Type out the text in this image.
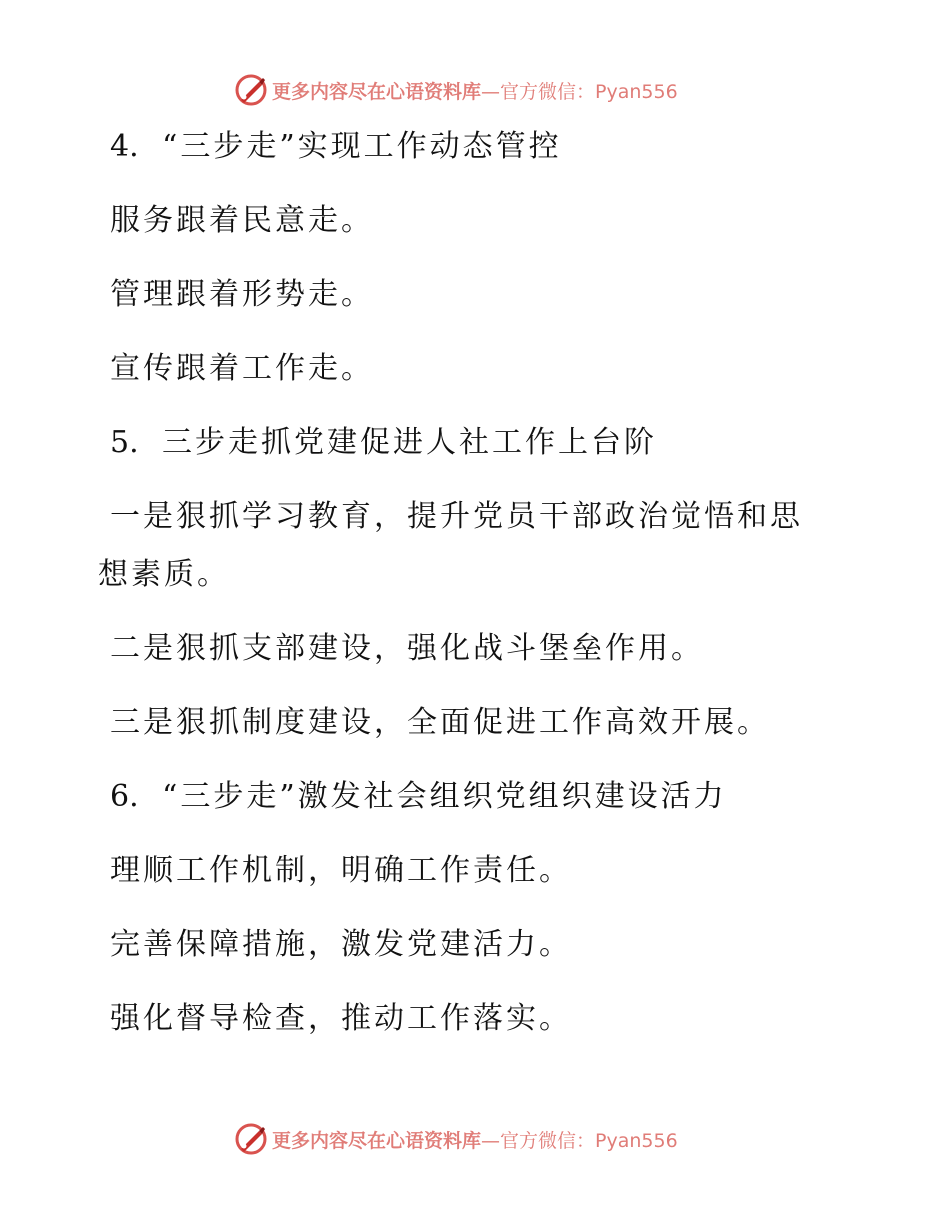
更多内容尽在心语资料库 —官方微信：Pyan556
4. “三步走”实现工作动态管控
服务跟着民意走。
管理跟着形势走。
宣传跟着工作走。
5. 三步走抓党建促进人社工作上台阶
一是狠抓学习教育，提升党员干部政治觉悟和思
想素质。
二是狠抓支部建设，强化战斗堡垒作用。
三是狠抓制度建设，全面促进工作高效开展。
6. “三步走”激发社会组织党组织建设活力
理顺工作机制，明确工作责任。
完善保障措施，激发党建活力。
强化督导检查，推动工作落实。
更多内容尽在心语资料库 —官方微信：Pyan556
